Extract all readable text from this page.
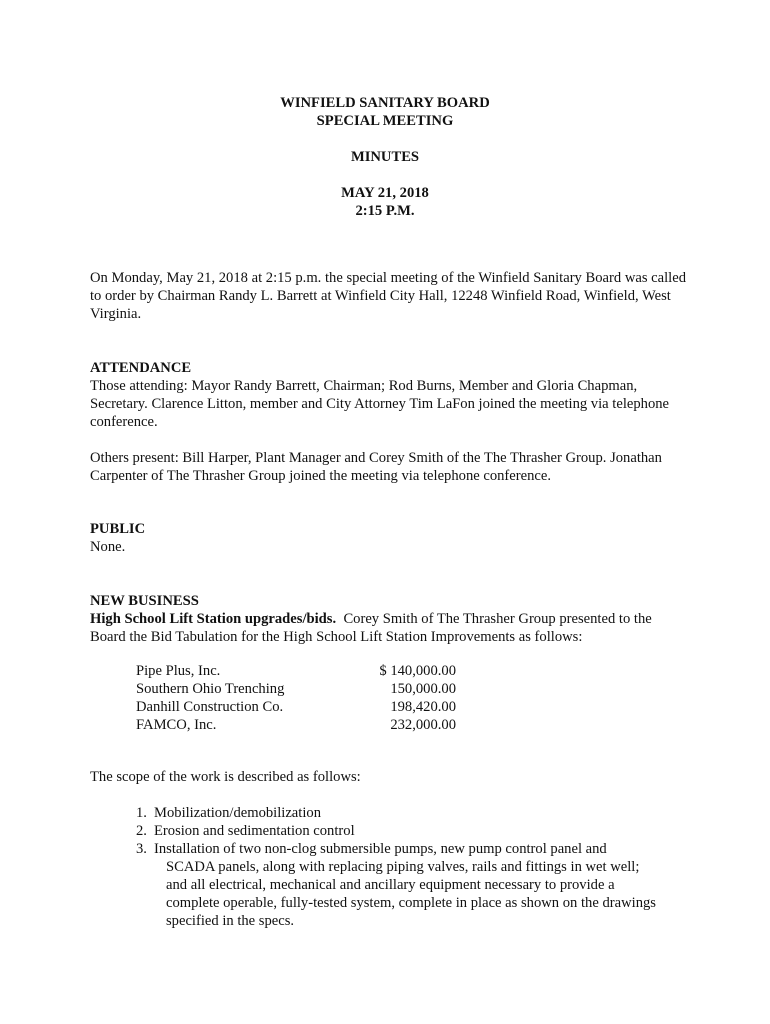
WINFIELD SANITARY BOARD
SPECIAL MEETING
MINUTES
MAY 21, 2018
2:15 P.M.

On Monday, May 21, 2018 at 2:15 p.m. the special meeting of the Winfield Sanitary Board was called to order by Chairman Randy L. Barrett at Winfield City Hall, 12248 Winfield Road, Winfield, West Virginia.

ATTENDANCE

Those attending: Mayor Randy Barrett, Chairman; Rod Burns, Member and Gloria Chapman, Secretary. Clarence Litton, member and City Attorney Tim LaFon joined the meeting via telephone conference.

Others present: Bill Harper, Plant Manager and Corey Smith of the The Thrasher Group. Jonathan Carpenter of The Thrasher Group joined the meeting via telephone conference.

PUBLIC

None.

NEW BUSINESS

High School Lift Station upgrades/bids. Corey Smith of The Thrasher Group presented to the Board the Bid Tabulation for the High School Lift Station Improvements as follows:

Pipe Plus, Inc.	$ 140,000.00
Southern Ohio Trenching	150,000.00
Danhill Construction Co.	198,420.00
FAMCO, Inc.	232,000.00

The scope of the work is described as follows:

1. Mobilization/demobilization
2. Erosion and sedimentation control
3. Installation of two non-clog submersible pumps, new pump control panel and SCADA panels, along with replacing piping valves, rails and fittings in wet well; and all electrical, mechanical and ancillary equipment necessary to provide a complete operable, fully-tested system, complete in place as shown on the drawings specified in the specs.
